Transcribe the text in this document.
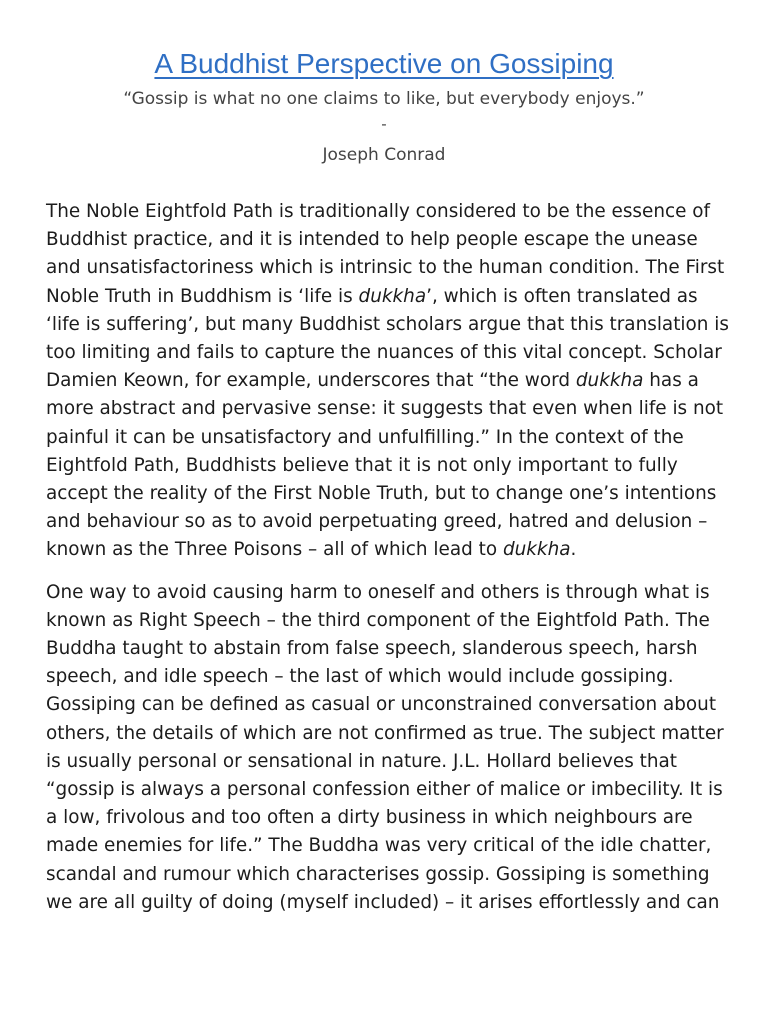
A Buddhist Perspective on Gossiping
“Gossip is what no one claims to like, but everybody enjoys.”
-
Joseph Conrad

The Noble Eightfold Path is traditionally considered to be the essence of
Buddhist practice, and it is intended to help people escape the unease
and unsatisfactoriness which is intrinsic to the human condition. The First
Noble Truth in Buddhism is ‘life is dukkha’, which is often translated as
‘life is suffering’, but many Buddhist scholars argue that this translation is
too limiting and fails to capture the nuances of this vital concept. Scholar
Damien Keown, for example, underscores that “the word dukkha has a
more abstract and pervasive sense: it suggests that even when life is not
painful it can be unsatisfactory and unfulfilling.” In the context of the
Eightfold Path, Buddhists believe that it is not only important to fully
accept the reality of the First Noble Truth, but to change one’s intentions
and behaviour so as to avoid perpetuating greed, hatred and delusion –
known as the Three Poisons – all of which lead to dukkha.

One way to avoid causing harm to oneself and others is through what is
known as Right Speech – the third component of the Eightfold Path. The
Buddha taught to abstain from false speech, slanderous speech, harsh
speech, and idle speech – the last of which would include gossiping.
Gossiping can be defined as casual or unconstrained conversation about
others, the details of which are not confirmed as true. The subject matter
is usually personal or sensational in nature. J.L. Hollard believes that
“gossip is always a personal confession either of malice or imbecility. It is
a low, frivolous and too often a dirty business in which neighbours are
made enemies for life.” The Buddha was very critical of the idle chatter,
scandal and rumour which characterises gossip. Gossiping is something
we are all guilty of doing (myself included) – it arises effortlessly and can
